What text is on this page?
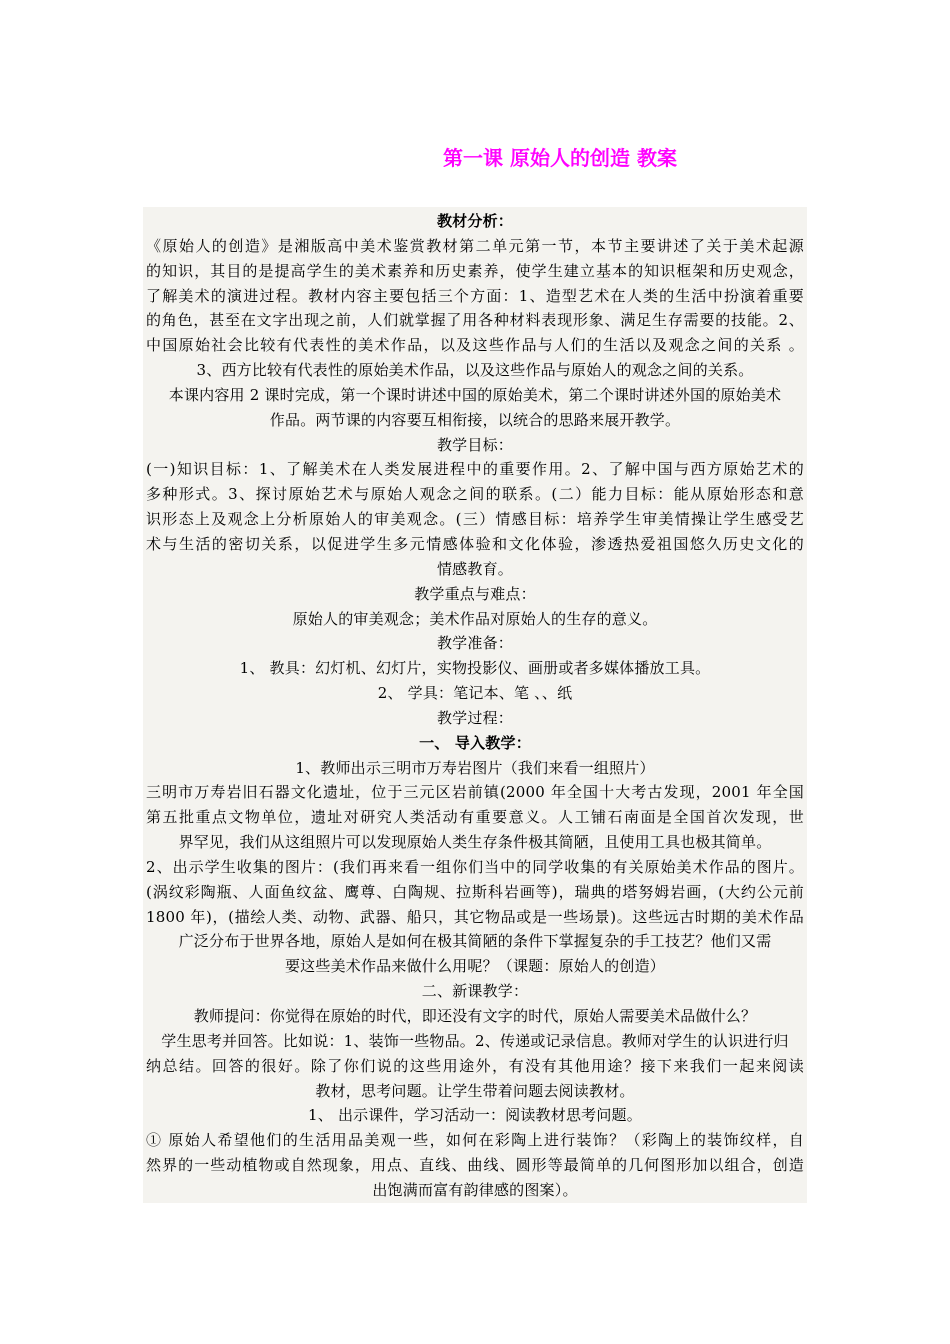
第一课 原始人的创造 教案
教材分析：
《原始人的创造》是湘版高中美术鉴赏教材第二单元第一节，本节主要讲述了关于美术起源
的知识，其目的是提高学生的美术素养和历史素养，使学生建立基本的知识框架和历史观念，
了解美术的演进过程。教材内容主要包括三个方面：1、造型艺术在人类的生活中扮演着重要
的角色，甚至在文字出现之前，人们就掌握了用各种材料表现形象、满足生存需要的技能。2、
中国原始社会比较有代表性的美术作品，以及这些作品与人们的生活以及观念之间的关系 。
3、西方比较有代表性的原始美术作品，以及这些作品与原始人的观念之间的关系。
本课内容用 2 课时完成，第一个课时讲述中国的原始美术，第二个课时讲述外国的原始美术
作品。两节课的内容要互相衔接，以统合的思路来展开教学。
教学目标：
(一)知识目标：1、了解美术在人类发展进程中的重要作用。2、了解中国与西方原始艺术的
多种形式。3、探讨原始艺术与原始人观念之间的联系。(二）能力目标：能从原始形态和意
识形态上及观念上分析原始人的审美观念。(三）情感目标：培养学生审美情操让学生感受艺
术与生活的密切关系，以促进学生多元情感体验和文化体验，渗透热爱祖国悠久历史文化的
情感教育。
教学重点与难点：
原始人的审美观念；美术作品对原始人的生存的意义。
教学准备：
1、 教具：幻灯机、幻灯片，实物投影仪、画册或者多媒体播放工具。
2、 学具：笔记本、笔 、、纸
教学过程：
一、 导入教学：
1、教师出示三明市万寿岩图片（我们来看一组照片）
三明市万寿岩旧石器文化遗址，位于三元区岩前镇(2000 年全国十大考古发现，2001 年全国
第五批重点文物单位，遗址对研究人类活动有重要意义。人工铺石南面是全国首次发现，世
界罕见，我们从这组照片可以发现原始人类生存条件极其简陋，且使用工具也极其简单。
2、出示学生收集的图片：(我们再来看一组你们当中的同学收集的有关原始美术作品的图片。
(涡纹彩陶瓶、人面鱼纹盆、鹰尊、白陶规、拉斯科岩画等)，瑞典的塔努姆岩画，(大约公元前
1800 年)，(描绘人类、动物、武器、船只，其它物品或是一些场景)。这些远古时期的美术作品
广泛分布于世界各地，原始人是如何在极其简陋的条件下掌握复杂的手工技艺？他们又需
要这些美术作品来做什么用呢？（课题：原始人的创造）
二、新课教学：
教师提问：你觉得在原始的时代，即还没有文字的时代，原始人需要美术品做什么？
学生思考并回答。比如说：1、装饰一些物品。2、传递或记录信息。教师对学生的认识进行归
纳总结。回答的很好。除了你们说的这些用途外，有没有其他用途？接下来我们一起来阅读
教材，思考问题。让学生带着问题去阅读教材。
1、 出示课件，学习活动一：阅读教材思考问题。
① 原始人希望他们的生活用品美观一些，如何在彩陶上进行装饰？（彩陶上的装饰纹样，自
然界的一些动植物或自然现象，用点、直线、曲线、圆形等最简单的几何图形加以组合，创造
出饱满而富有韵律感的图案）。
